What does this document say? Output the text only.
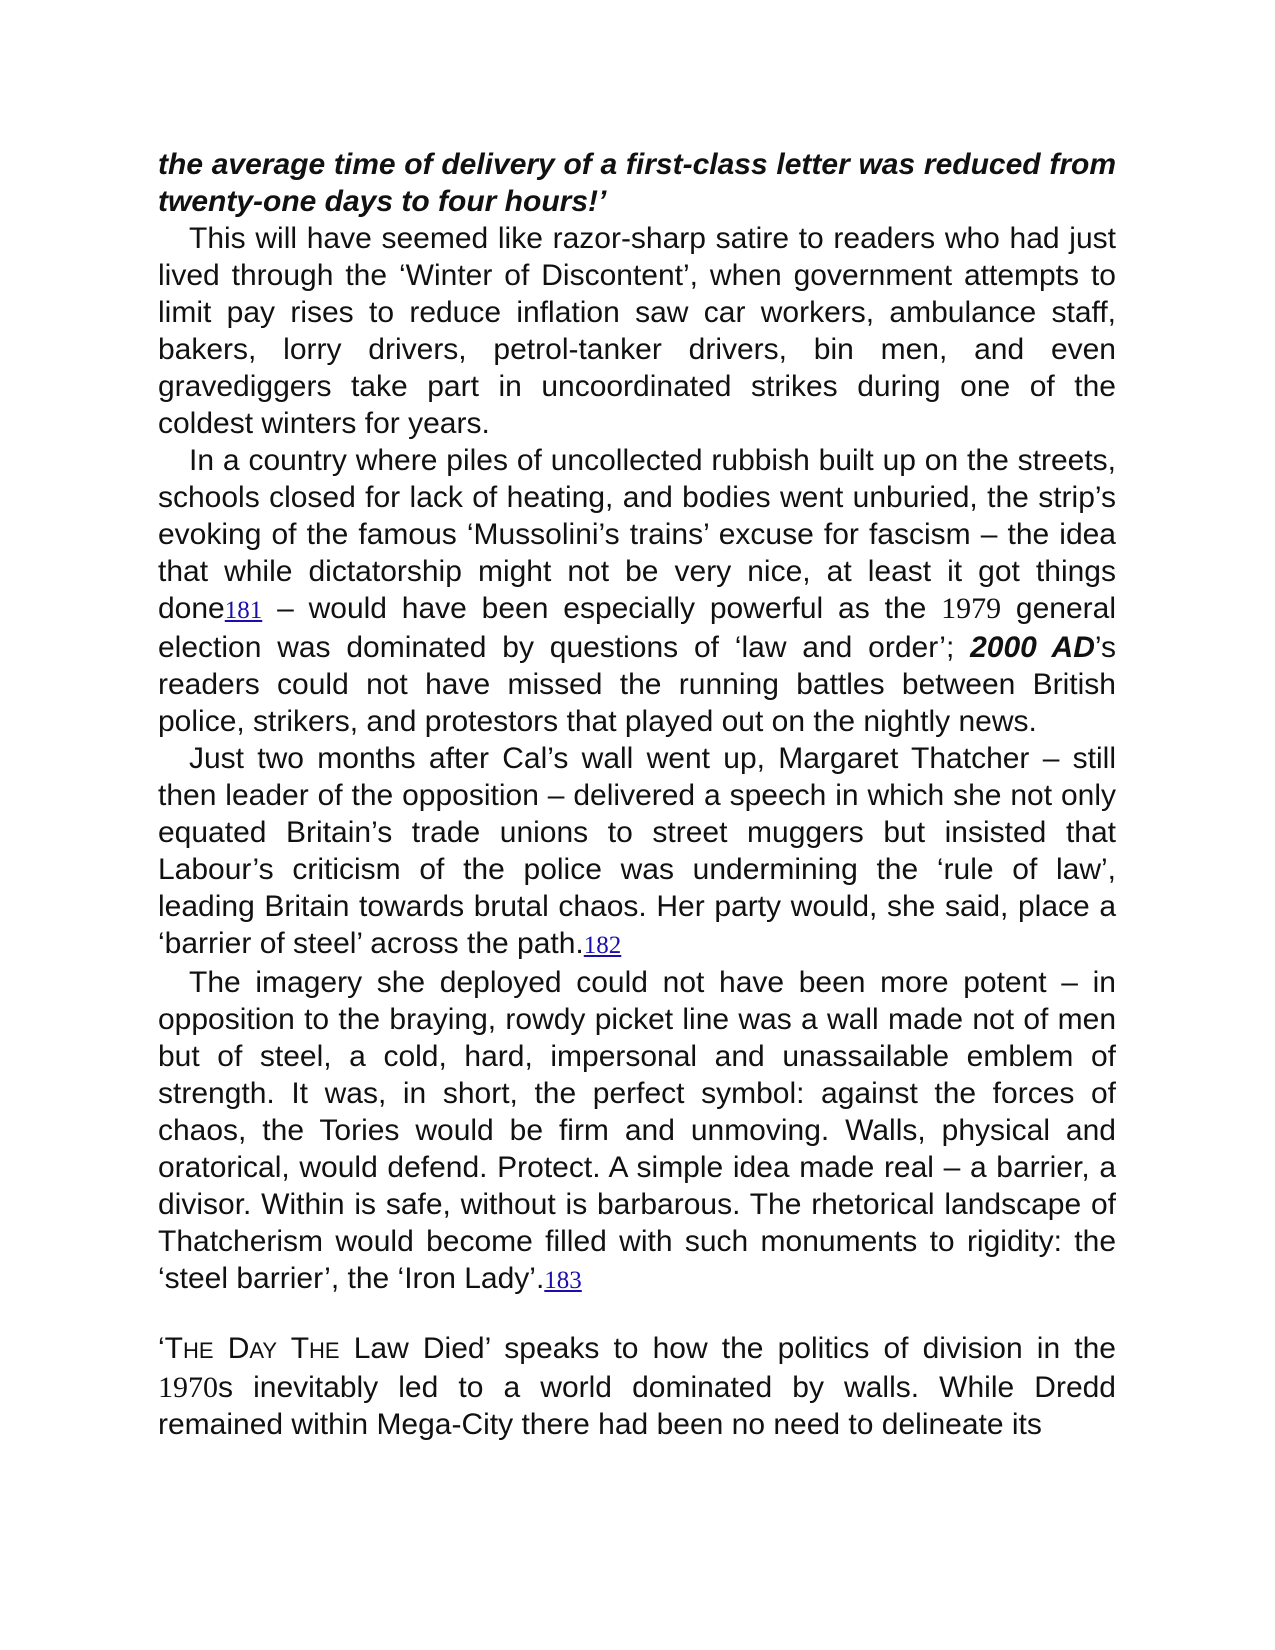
the average time of delivery of a first-class letter was reduced from twenty-one days to four hours!’

This will have seemed like razor-sharp satire to readers who had just lived through the ‘Winter of Discontent’, when government attempts to limit pay rises to reduce inflation saw car workers, ambulance staff, bakers, lorry drivers, petrol-tanker drivers, bin men, and even gravediggers take part in uncoordinated strikes during one of the coldest winters for years.

In a country where piles of uncollected rubbish built up on the streets, schools closed for lack of heating, and bodies went unburied, the strip’s evoking of the famous ‘Mussolini’s trains’ excuse for fascism – the idea that while dictatorship might not be very nice, at least it got things done181 – would have been especially powerful as the 1979 general election was dominated by questions of ‘law and order’; 2000 AD’s readers could not have missed the running battles between British police, strikers, and protestors that played out on the nightly news.

Just two months after Cal’s wall went up, Margaret Thatcher – still then leader of the opposition – delivered a speech in which she not only equated Britain’s trade unions to street muggers but insisted that Labour’s criticism of the police was undermining the ‘rule of law’, leading Britain towards brutal chaos. Her party would, she said, place a ‘barrier of steel’ across the path.182

The imagery she deployed could not have been more potent – in opposition to the braying, rowdy picket line was a wall made not of men but of steel, a cold, hard, impersonal and unassailable emblem of strength. It was, in short, the perfect symbol: against the forces of chaos, the Tories would be firm and unmoving. Walls, physical and oratorical, would defend. Protect. A simple idea made real – a barrier, a divisor. Within is safe, without is barbarous. The rhetorical landscape of Thatcherism would become filled with such monuments to rigidity: the ‘steel barrier’, the ‘Iron Lady’.183

‘THE DAY THE Law Died’ speaks to how the politics of division in the 1970s inevitably led to a world dominated by walls. While Dredd remained within Mega-City there had been no need to delineate its
